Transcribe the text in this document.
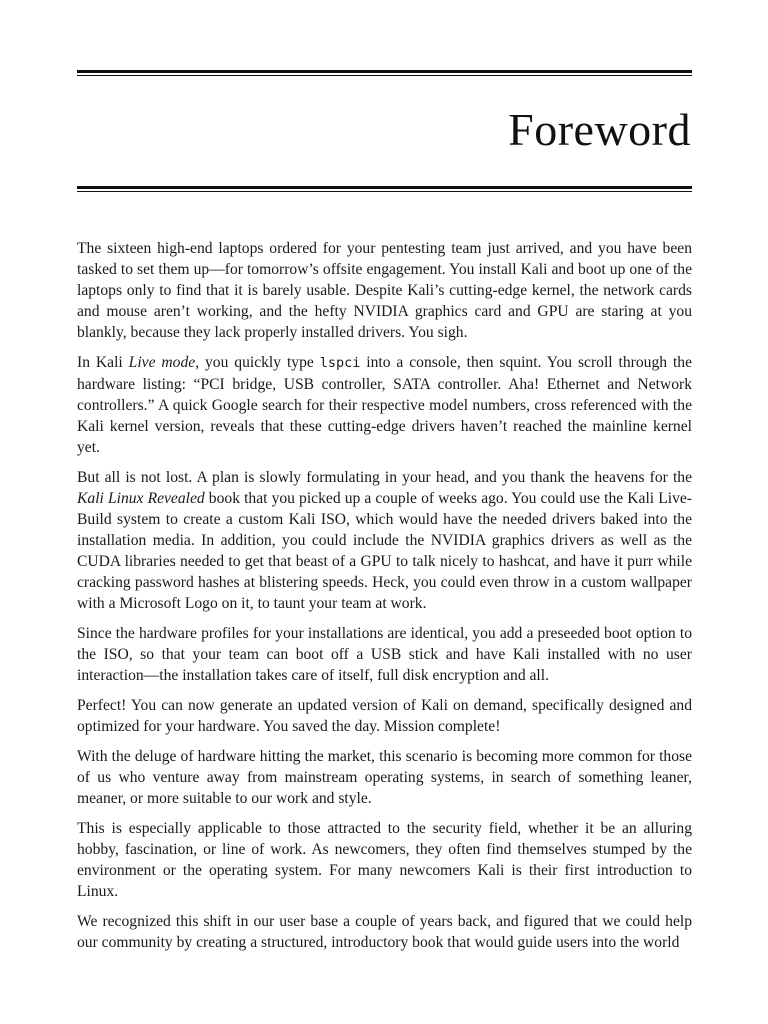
Foreword

The sixteen high-end laptops ordered for your pentesting team just arrived, and you have been tasked to set them up—for tomorrow’s offsite engagement. You install Kali and boot up one of the laptops only to find that it is barely usable. Despite Kali’s cutting-edge kernel, the network cards and mouse aren’t working, and the hefty NVIDIA graphics card and GPU are staring at you blankly, because they lack properly installed drivers. You sigh.

In Kali Live mode, you quickly type lspci into a console, then squint. You scroll through the hardware listing: “PCI bridge, USB controller, SATA controller. Aha! Ethernet and Network controllers.” A quick Google search for their respective model numbers, cross referenced with the Kali kernel version, reveals that these cutting-edge drivers haven’t reached the mainline kernel yet.

But all is not lost. A plan is slowly formulating in your head, and you thank the heavens for the Kali Linux Revealed book that you picked up a couple of weeks ago. You could use the Kali Live-Build system to create a custom Kali ISO, which would have the needed drivers baked into the installation media. In addition, you could include the NVIDIA graphics drivers as well as the CUDA libraries needed to get that beast of a GPU to talk nicely to hashcat, and have it purr while cracking password hashes at blistering speeds. Heck, you could even throw in a custom wallpaper with a Microsoft Logo on it, to taunt your team at work.

Since the hardware profiles for your installations are identical, you add a preseeded boot option to the ISO, so that your team can boot off a USB stick and have Kali installed with no user interaction—the installation takes care of itself, full disk encryption and all.

Perfect! You can now generate an updated version of Kali on demand, specifically designed and optimized for your hardware. You saved the day. Mission complete!

With the deluge of hardware hitting the market, this scenario is becoming more common for those of us who venture away from mainstream operating systems, in search of something leaner, meaner, or more suitable to our work and style.

This is especially applicable to those attracted to the security field, whether it be an alluring hobby, fascination, or line of work. As newcomers, they often find themselves stumped by the environment or the operating system. For many newcomers Kali is their first introduction to Linux.

We recognized this shift in our user base a couple of years back, and figured that we could help our community by creating a structured, introductory book that would guide users into the world
